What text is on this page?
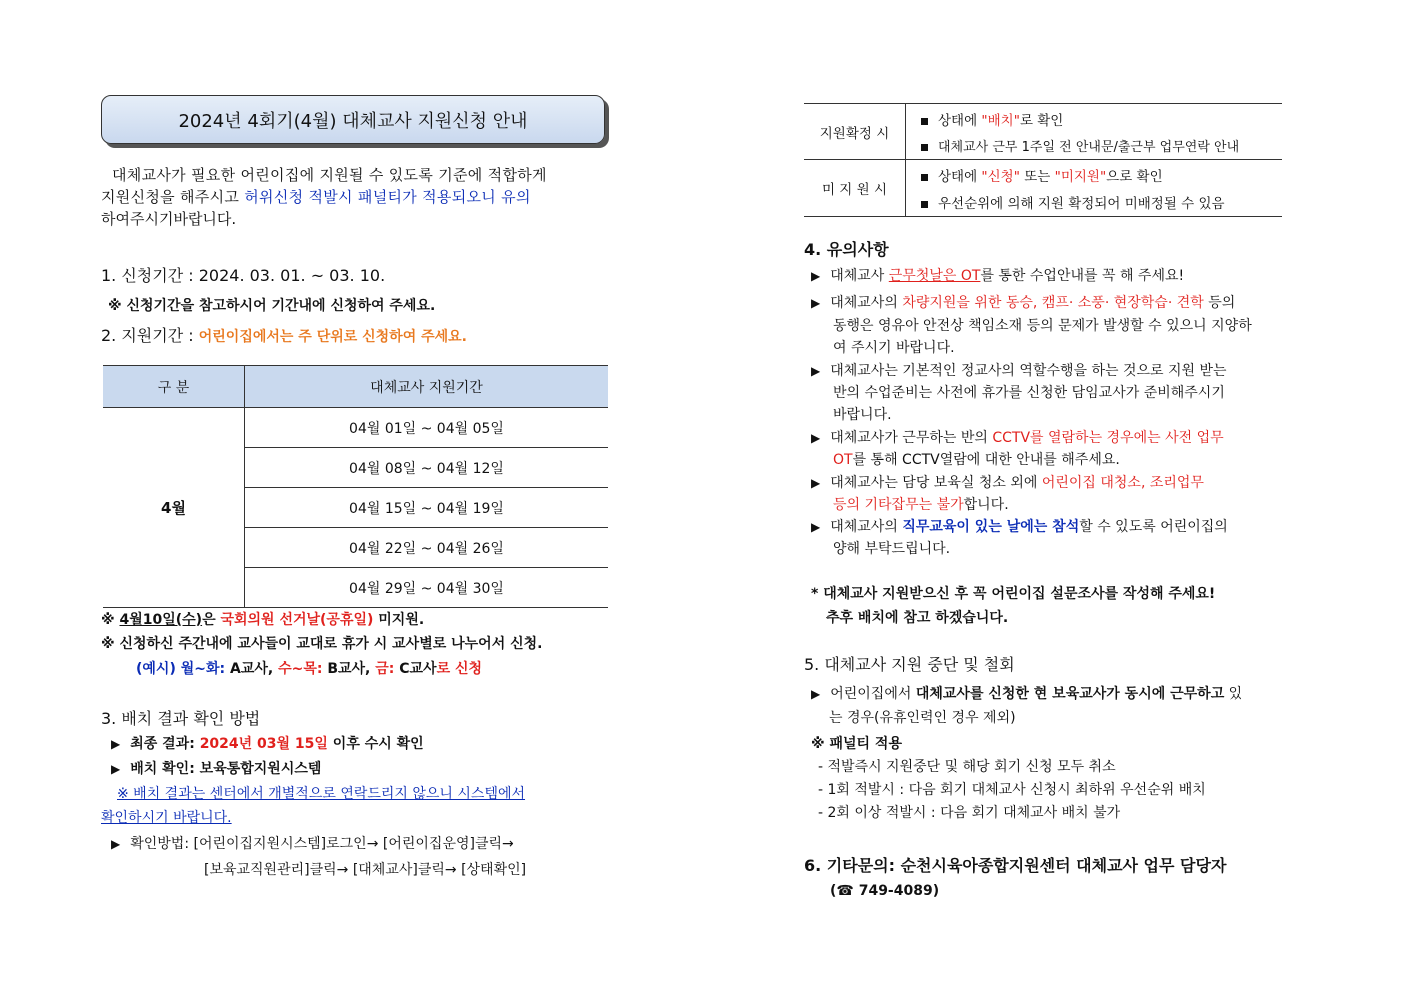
2024년 4회기(4월) 대체교사 지원신청 안내
대체교사가 필요한 어린이집에 지원될 수 있도록 기준에 적합하게
지원신청을 해주시고 허위신청 적발시 패널티가 적용되오니 유의
하여주시기바랍니다.
1. 신청기간 : 2024. 03. 01. ~ 03. 10.
※ 신청기간을 참고하시어 기간내에 신청하여 주세요.
2. 지원기간 : 어린이집에서는 주 단위로 신청하여 주세요.
구 분	대체교사 지원기간
4월	04월 01일 ~ 04월 05일
	04월 08일 ~ 04월 12일
	04월 15일 ~ 04월 19일
	04월 22일 ~ 04월 26일
	04월 29일 ~ 04월 30일
※ 4월10일(수)은 국회의원 선거날(공휴일) 미지원.
※ 신청하신 주간내에 교사들이 교대로 휴가 시 교사별로 나누어서 신청.
(예시) 월~화: A교사, 수~목: B교사, 금: C교사로 신청
3. 배치 결과 확인 방법
▶ 최종 결과: 2024년 03월 15일 이후 수시 확인
▶ 배치 확인: 보육통합지원시스템
※ 배치 결과는 센터에서 개별적으로 연락드리지 않으니 시스템에서
확인하시기 바랍니다.
▶ 확인방법: [어린이집지원시스템]로그인→ [어린이집운영]클릭→
[보육교직원관리]클릭→ [대체교사]클릭→ [상태확인]
지원확정 시	상태에 "배치"로 확인
대체교사 근무 1주일 전 안내문/출근부 업무연락 안내

미 지 원 시	상태에 "신청" 또는 "미지원"으로 확인
우선순위에 의해 지원 확정되어 미배정될 수 있음
4. 유의사항
▶ 대체교사 근무첫날은 OT를 통한 수업안내를 꼭 해 주세요!
▶ 대체교사의 차량지원을 위한 동승, 캠프· 소풍· 현장학습· 견학 등의
동행은 영유아 안전상 책임소재 등의 문제가 발생할 수 있으니 지양하
여 주시기 바랍니다.
▶ 대체교사는 기본적인 정교사의 역할수행을 하는 것으로 지원 받는
반의 수업준비는 사전에 휴가를 신청한 담임교사가 준비해주시기
바랍니다.
▶ 대체교사가 근무하는 반의 CCTV를 열람하는 경우에는 사전 업무
OT를 통해 CCTV열람에 대한 안내를 해주세요.
▶ 대체교사는 담당 보육실 청소 외에 어린이집 대청소, 조리업무
등의 기타잡무는 불가합니다.
▶ 대체교사의 직무교육이 있는 날에는 참석할 수 있도록 어린이집의
양해 부탁드립니다.
* 대체교사 지원받으신 후 꼭 어린이집 설문조사를 작성해 주세요!
추후 배치에 참고 하겠습니다.
5. 대체교사 지원 중단 및 철회
▶ 어린이집에서 대체교사를 신청한 현 보육교사가 동시에 근무하고 있
는 경우(유휴인력인 경우 제외)
※ 패널티 적용
- 적발즉시 지원중단 및 해당 회기 신청 모두 취소
- 1회 적발시 : 다음 회기 대체교사 신청시 최하위 우선순위 배치
- 2회 이상 적발시 : 다음 회기 대체교사 배치 불가
6. 기타문의: 순천시육아종합지원센터 대체교사 업무 담당자
(☎ 749-4089)
